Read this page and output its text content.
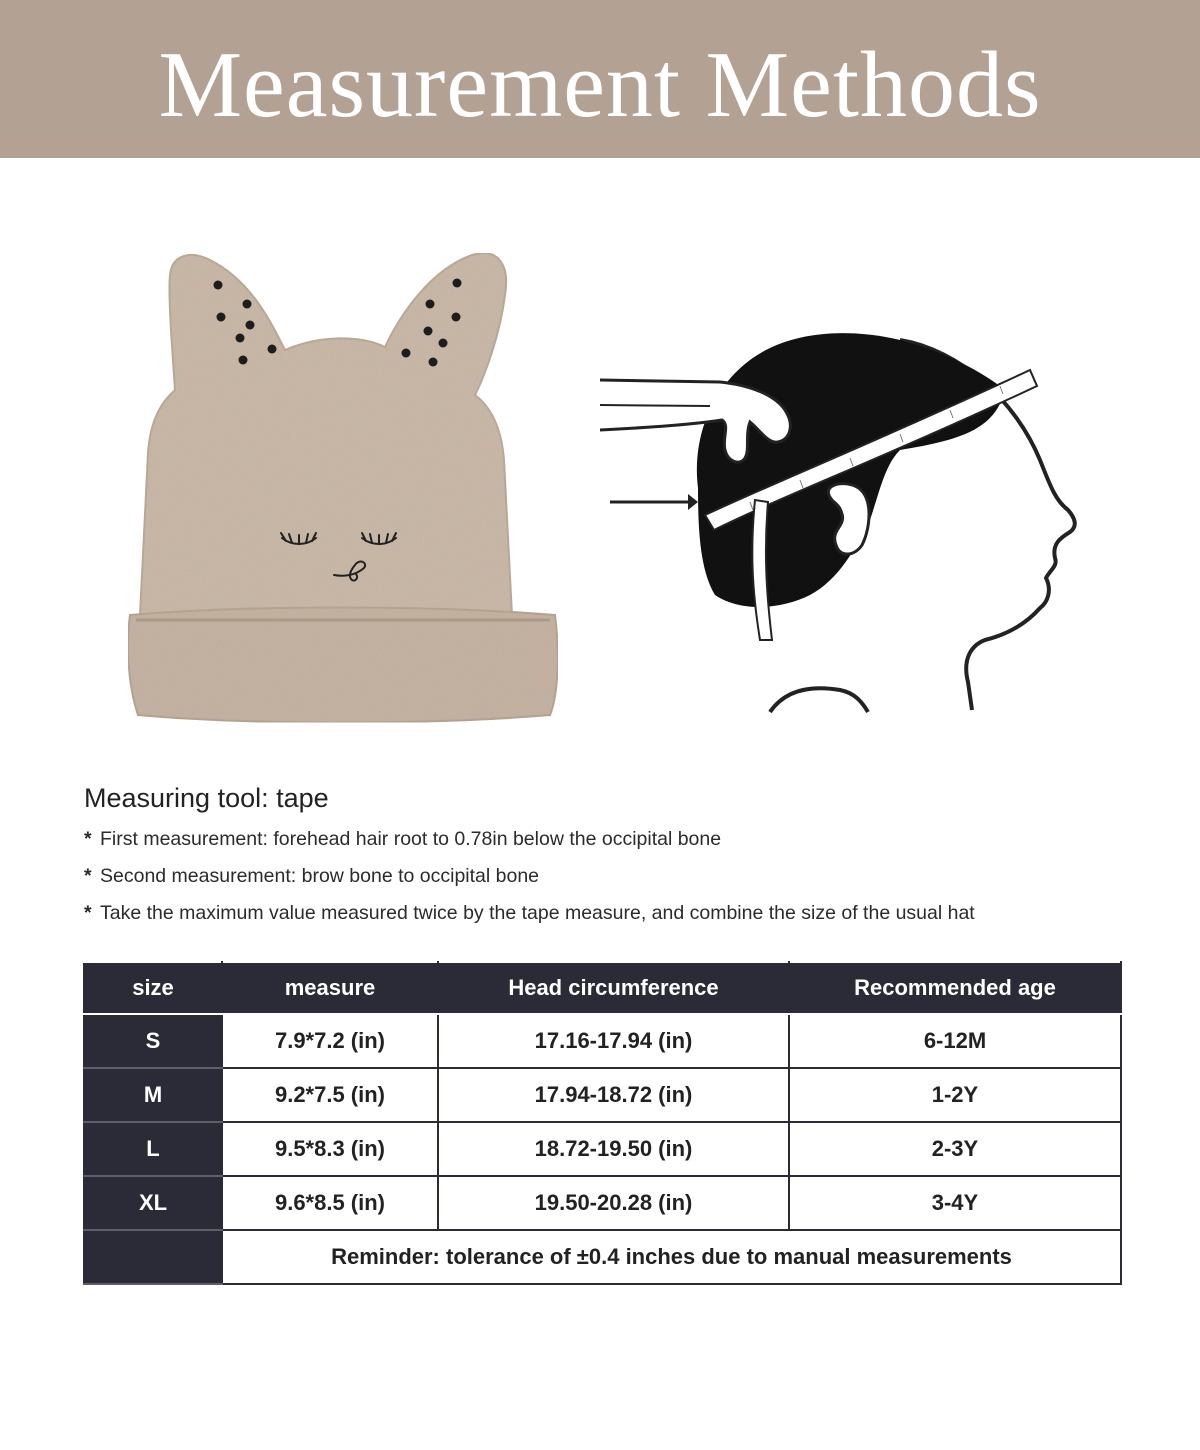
Measurement Methods
Measuring tool: tape
* First measurement: forehead hair root to 0.78in below the occipital bone
* Second measurement: brow bone to occipital bone
* Take the maximum value measured twice by the tape measure, and combine the size of the usual hat
size	measure	Head circumference	Recommended age
S	7.9*7.2 (in)	17.16-17.94 (in)	6-12M
M	9.2*7.5 (in)	17.94-18.72 (in)	1-2Y
L	9.5*8.3 (in)	18.72-19.50 (in)	2-3Y
XL	9.6*8.5 (in)	19.50-20.28 (in)	3-4Y
	Reminder: tolerance of ±0.4 inches due to manual measurements		
